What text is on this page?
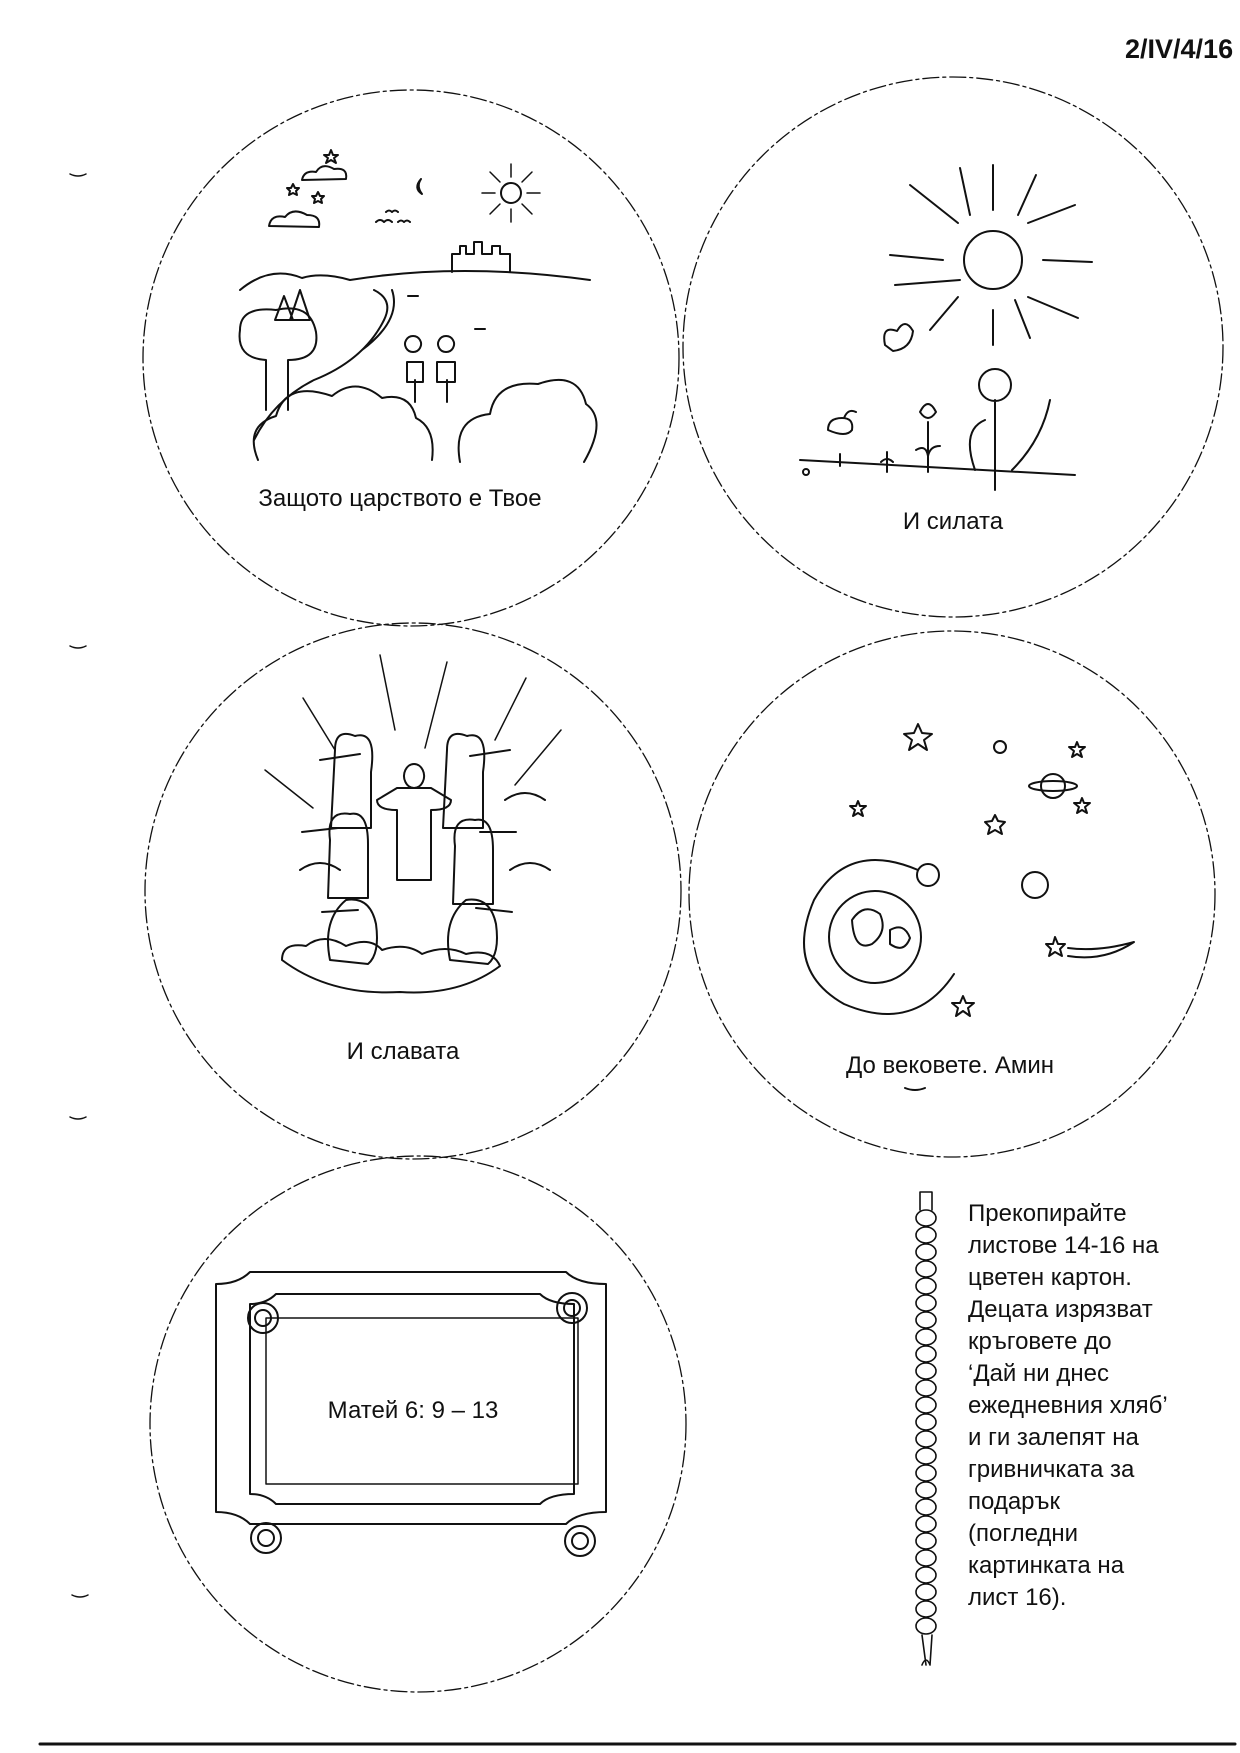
2/IV/4/16
Защото царството е Твое
И силата
И славата
До вековете. Амин
Матей 6: 9 – 13
Прекопирайте
листове 14-16 на
цветен картон.
Децата изрязват
кръговете до
‘Дай ни днес
ежедневния хляб’
и ги залепят на
гривничката за
подарък
(погледни
картинката на
лист 16).
